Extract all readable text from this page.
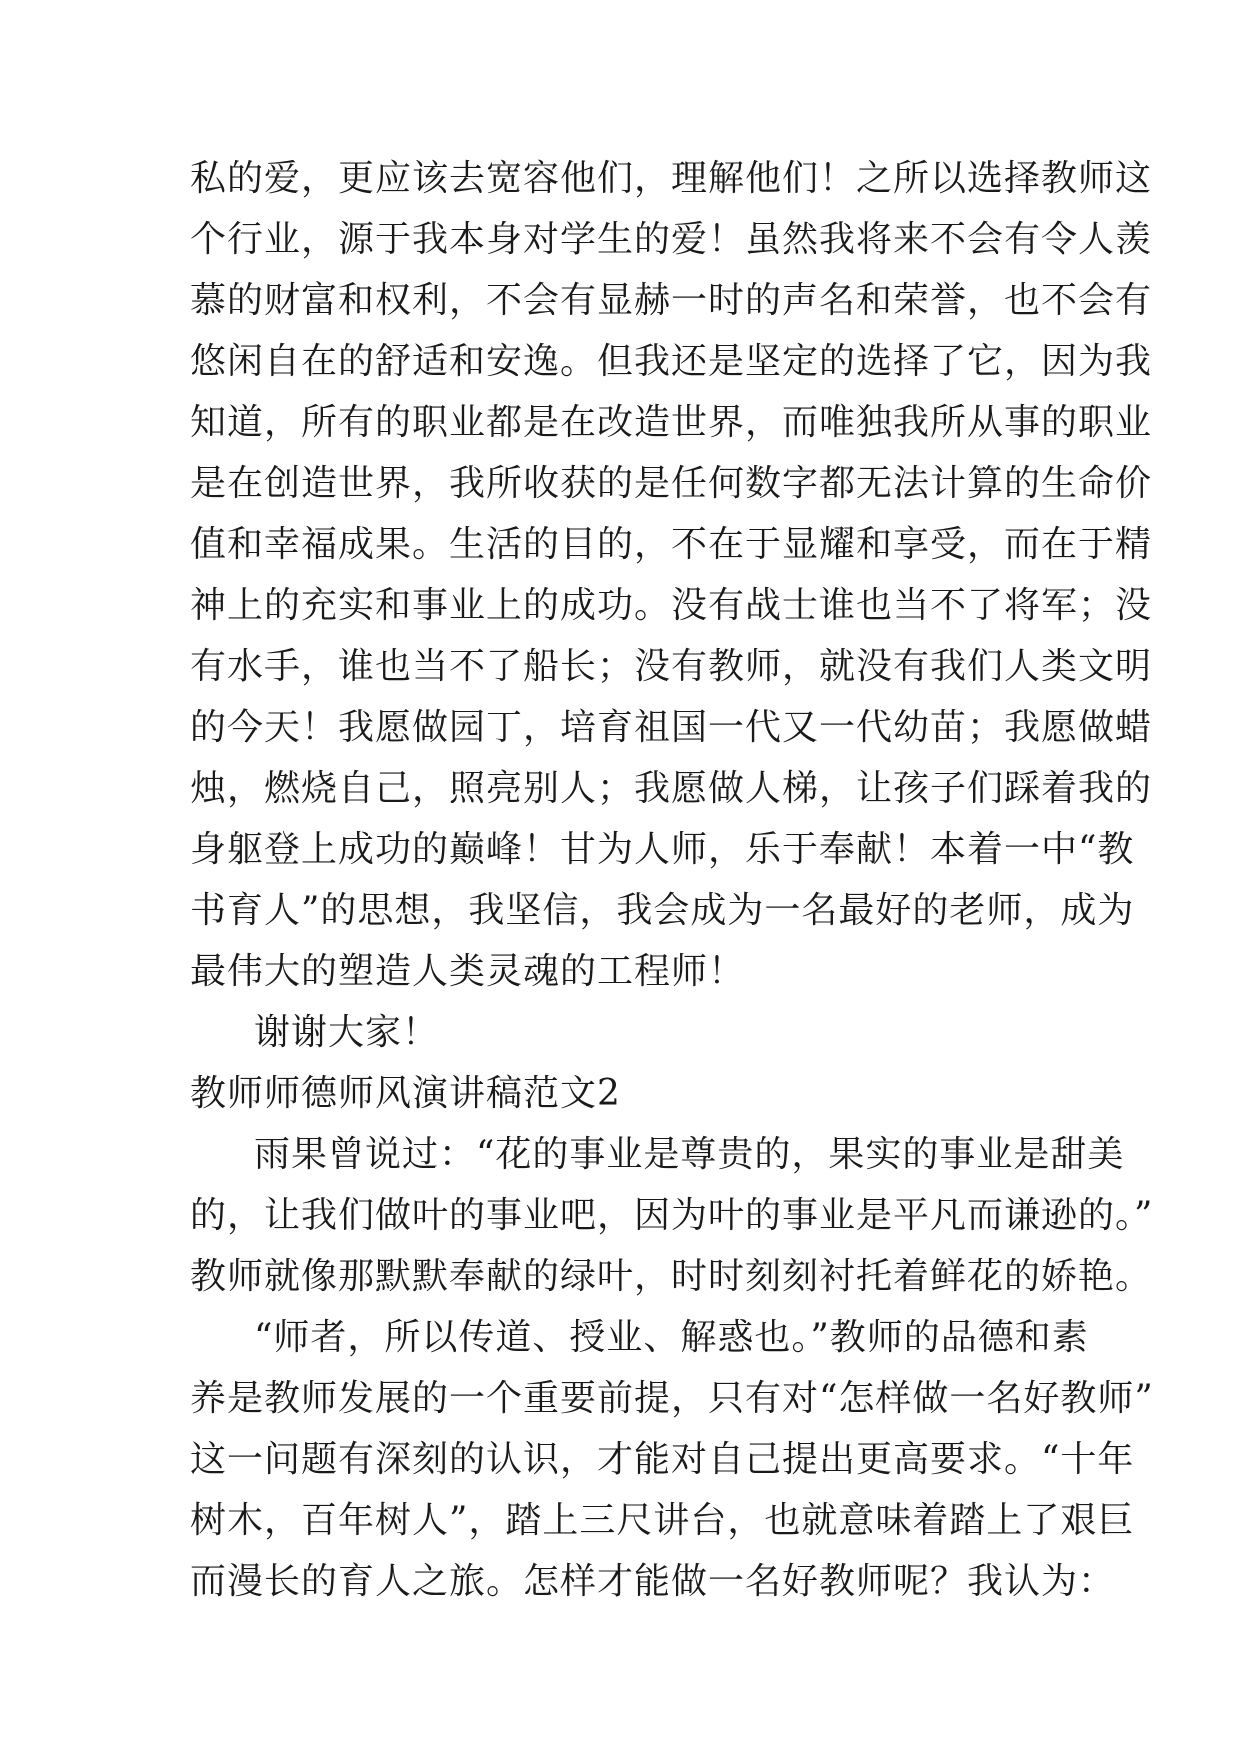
私的爱，更应该去宽容他们，理解他们！之所以选择教师这
个行业，源于我本身对学生的爱！虽然我将来不会有令人羡
慕的财富和权利，不会有显赫一时的声名和荣誉，也不会有
悠闲自在的舒适和安逸。但我还是坚定的选择了它，因为我
知道，所有的职业都是在改造世界，而唯独我所从事的职业
是在创造世界，我所收获的是任何数字都无法计算的生命价
值和幸福成果。生活的目的，不在于显耀和享受，而在于精
神上的充实和事业上的成功。没有战士谁也当不了将军；没
有水手，谁也当不了船长；没有教师，就没有我们人类文明
的今天！我愿做园丁，培育祖国一代又一代幼苗；我愿做蜡
烛，燃烧自己，照亮别人；我愿做人梯，让孩子们踩着我的
身躯登上成功的巅峰！甘为人师，乐于奉献！本着一中“教
书育人”的思想，我坚信，我会成为一名最好的老师，成为
最伟大的塑造人类灵魂的工程师！
谢谢大家！
教师师德师风演讲稿范文2
雨果曾说过：“花的事业是尊贵的，果实的事业是甜美
的，让我们做叶的事业吧，因为叶的事业是平凡而谦逊的。”
教师就像那默默奉献的绿叶，时时刻刻衬托着鲜花的娇艳。
“师者，所以传道、授业、解惑也。”教师的品德和素
养是教师发展的一个重要前提，只有对“怎样做一名好教师”
这一问题有深刻的认识，才能对自己提出更高要求。“十年
树木，百年树人”，踏上三尺讲台，也就意味着踏上了艰巨
而漫长的育人之旅。怎样才能做一名好教师呢？我认为：
